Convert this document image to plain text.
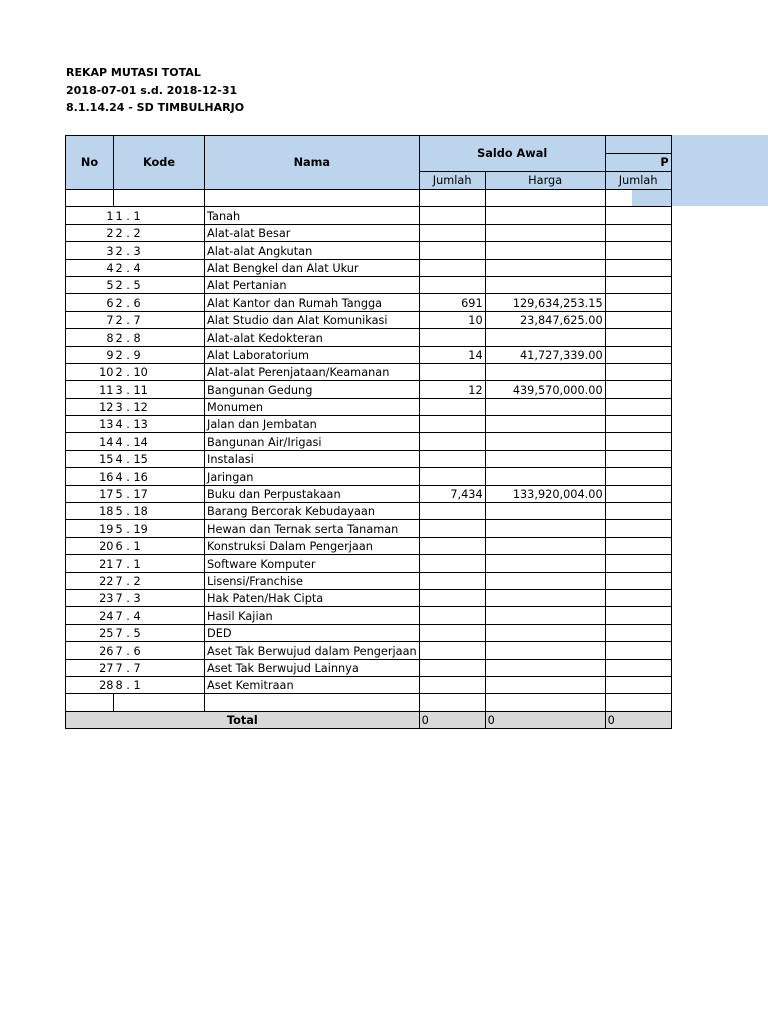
REKAP MUTASI TOTAL
2018-07-01 s.d. 2018-12-31
8.1.14.24 - SD TIMBULHARJO
No	Kode	Nama	Saldo Awal		
					P
			Jumlah	Harga	Jumlah

1	1 . 1	Tanah			
2	2 . 2	Alat-alat Besar			
3	2 . 3	Alat-alat Angkutan			
4	2 . 4	Alat Bengkel dan Alat Ukur			
5	2 . 5	Alat Pertanian			
6	2 . 6	Alat Kantor dan Rumah Tangga	691	129,634,253.15	
7	2 . 7	Alat Studio dan Alat Komunikasi	10	23,847,625.00	
8	2 . 8	Alat-alat Kedokteran			
9	2 . 9	Alat Laboratorium	14	41,727,339.00	
10	2 . 10	Alat-alat Perenjataan/Keamanan			
11	3 . 11	Bangunan Gedung	12	439,570,000.00	
12	3 . 12	Monumen			
13	4 . 13	Jalan dan Jembatan			
14	4 . 14	Bangunan Air/Irigasi			
15	4 . 15	Instalasi			
16	4 . 16	Jaringan			
17	5 . 17	Buku dan Perpustakaan	7,434	133,920,004.00	
18	5 . 18	Barang Bercorak Kebudayaan			
19	5 . 19	Hewan dan Ternak serta Tanaman			
20	6 . 1	Konstruksi Dalam Pengerjaan			
21	7 . 1	Software Komputer			
22	7 . 2	Lisensi/Franchise			
23	7 . 3	Hak Paten/Hak Cipta			
24	7 . 4	Hasil Kajian			
25	7 . 5	DED			
26	7 . 6	Aset Tak Berwujud dalam Pengerjaan			
27	7 . 7	Aset Tak Berwujud Lainnya			
28	8 . 1	Aset Kemitraan			

Total			0	0	0
